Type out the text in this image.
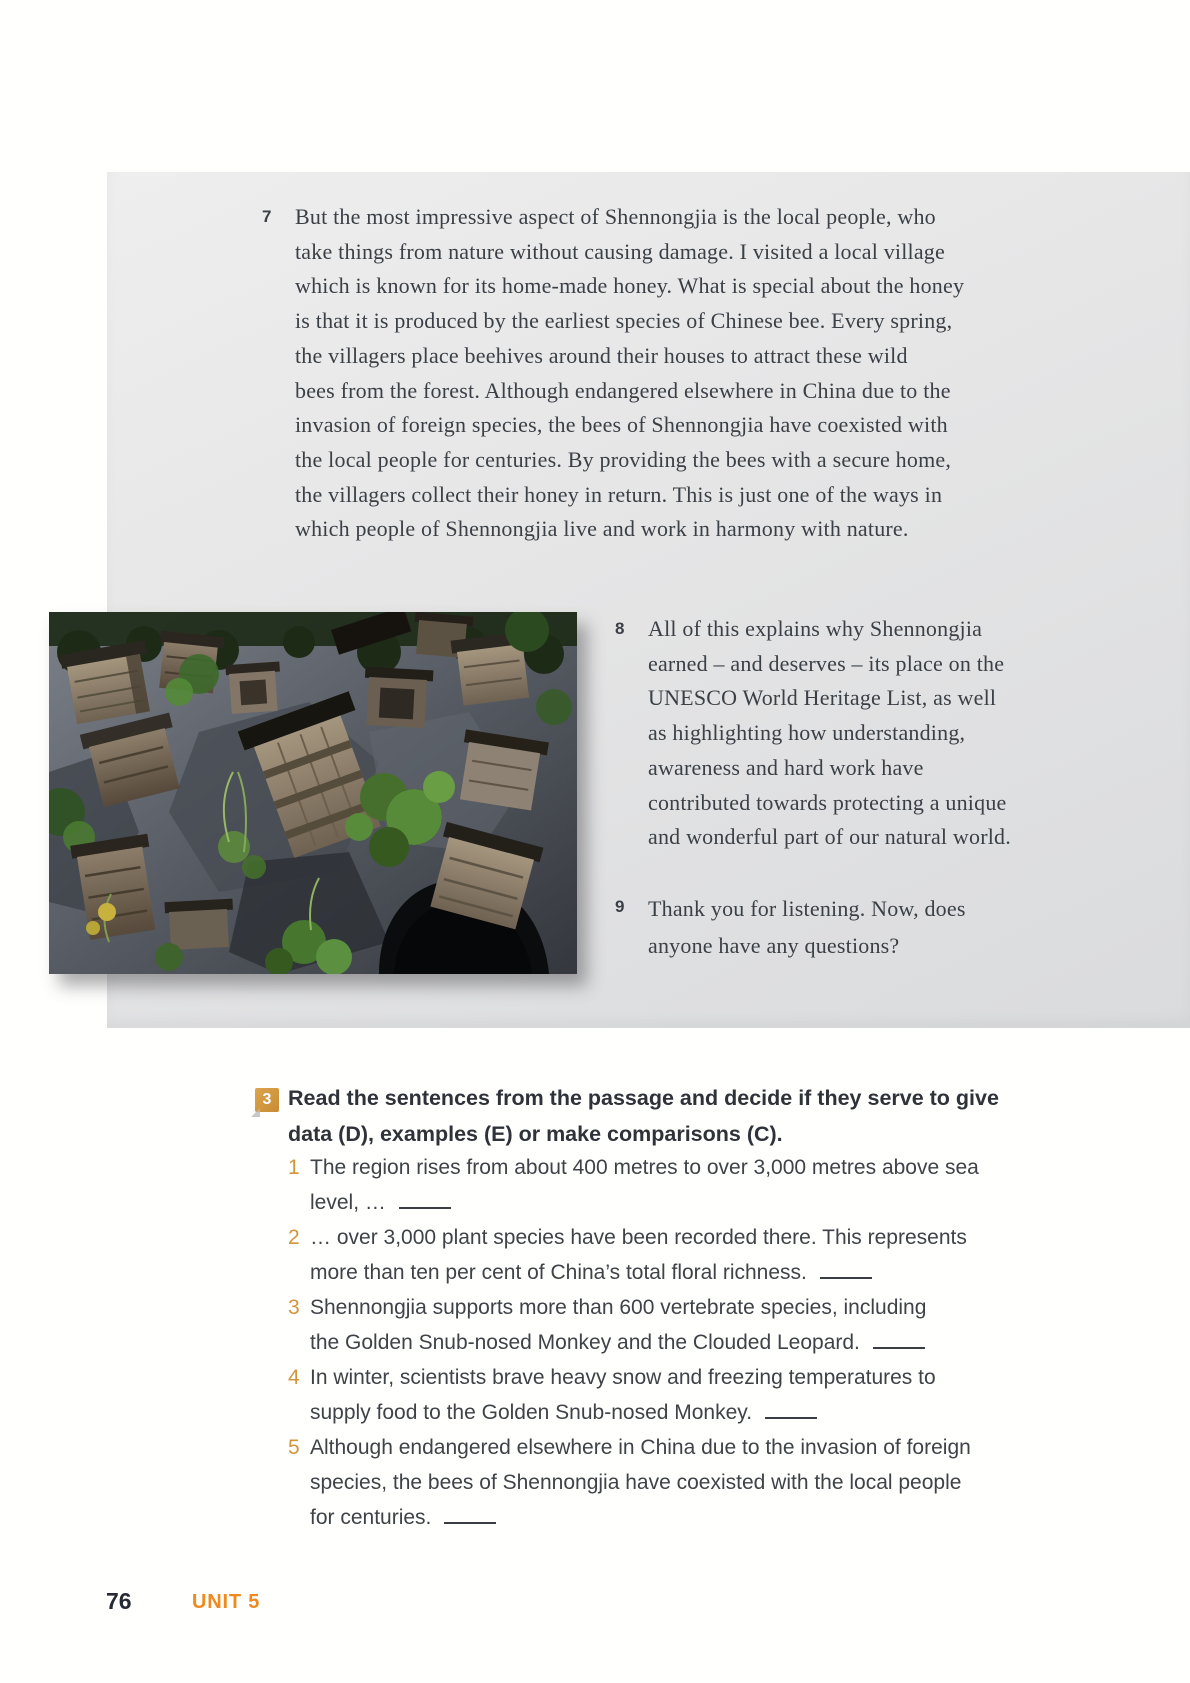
7	But the most impressive aspect of Shennongjia is the local people, who
take things from nature without causing damage. I visited a local village
which is known for its home-made honey. What is special about the honey
is that it is produced by the earliest species of Chinese bee. Every spring,
the villagers place beehives around their houses to attract these wild
bees from the forest. Although endangered elsewhere in China due to the
invasion of foreign species, the bees of Shennongjia have coexisted with
the local people for centuries. By providing the bees with a secure home,
the villagers collect their honey in return. This is just one of the ways in
which people of Shennongjia live and work in harmony with nature.
8	All of this explains why Shennongjia
earned – and deserves – its place on the
UNESCO World Heritage List, as well
as highlighting how understanding,
awareness and hard work have
contributed towards protecting a unique
and wonderful part of our natural world.
9	Thank you for listening. Now, does
anyone have any questions?
3 Read the sentences from the passage and decide if they serve to give
data (D), examples (E) or make comparisons (C).
1 The region rises from about 400 metres to over 3,000 metres above sea
level, …
2 … over 3,000 plant species have been recorded there. This represents
more than ten per cent of China’s total floral richness.
3 Shennongjia supports more than 600 vertebrate species, including
the Golden Snub-nosed Monkey and the Clouded Leopard.
4 In winter, scientists brave heavy snow and freezing temperatures to
supply food to the Golden Snub-nosed Monkey.
5 Although endangered elsewhere in China due to the invasion of foreign
species, the bees of Shennongjia have coexisted with the local people
for centuries.
76	UNIT 5
